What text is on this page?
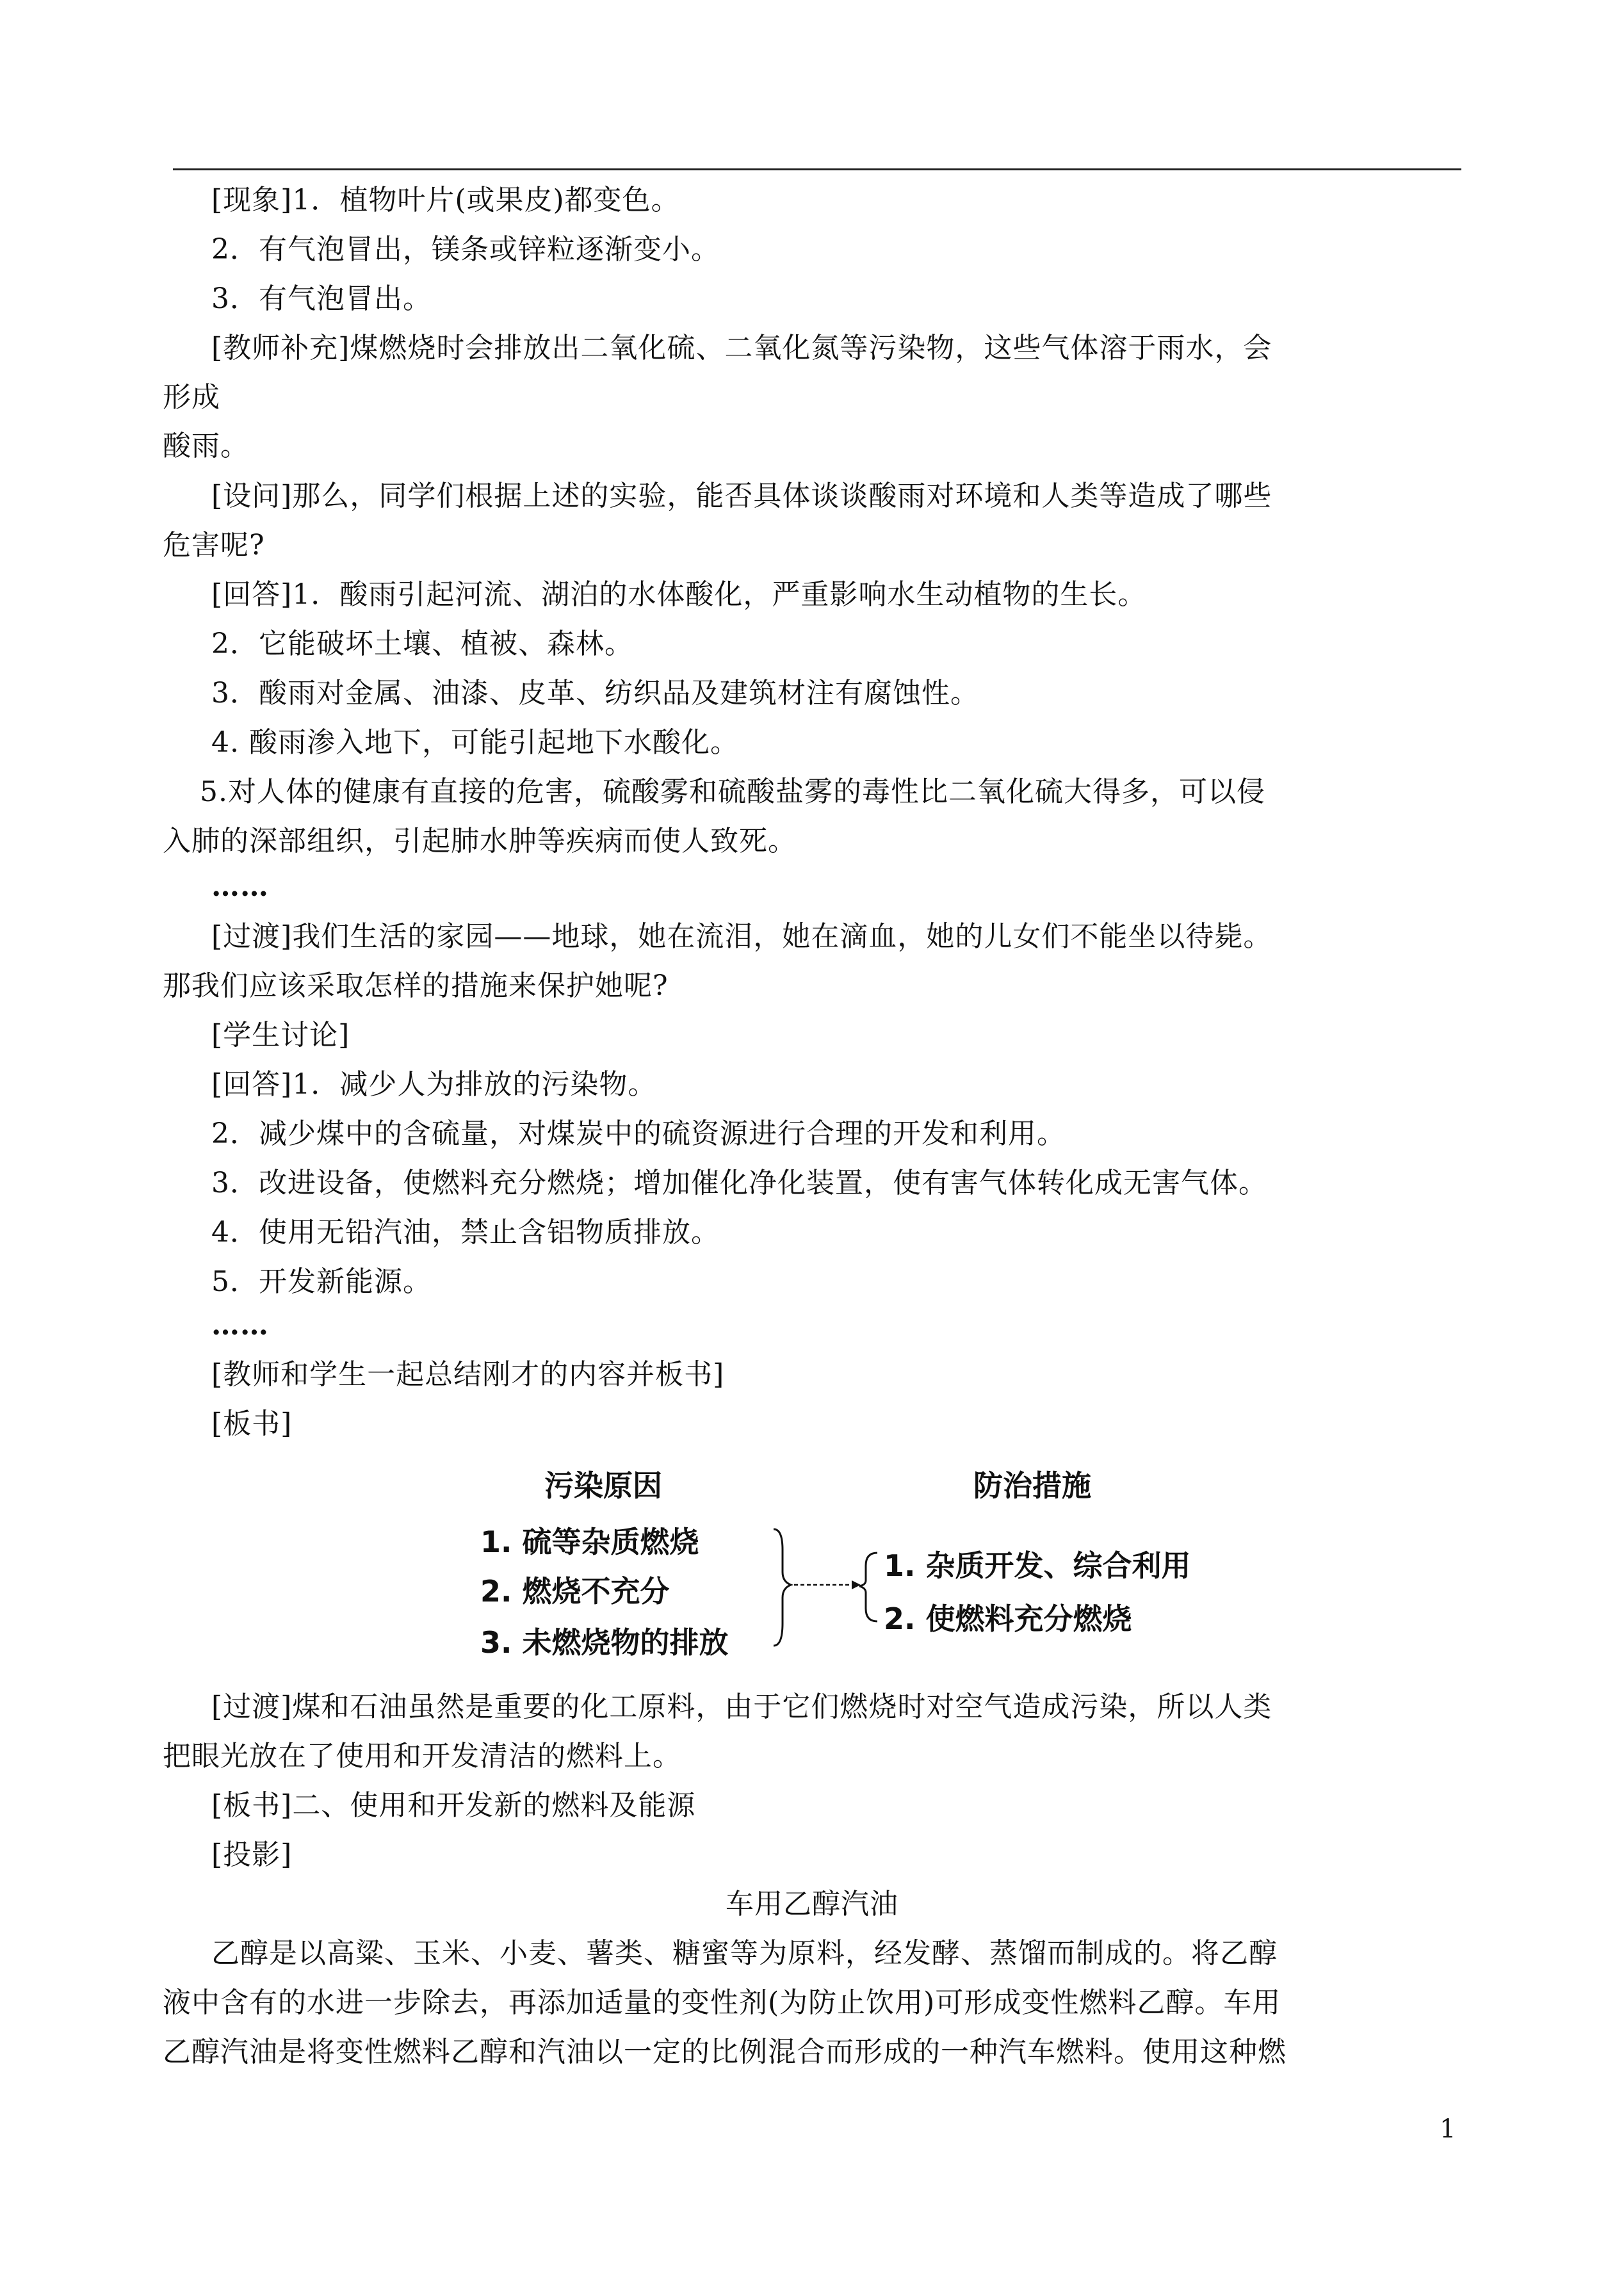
[现象]1．植物叶片(或果皮)都变色。
2．有气泡冒出，镁条或锌粒逐渐变小。
3．有气泡冒出。
[教师补充]煤燃烧时会排放出二氧化硫、二氧化氮等污染物，这些气体溶于雨水，会
形成
酸雨。
[设问]那么，同学们根据上述的实验，能否具体谈谈酸雨对环境和人类等造成了哪些
危害呢?
[回答]1．酸雨引起河流、湖泊的水体酸化，严重影响水生动植物的生长。
2．它能破坏土壤、植被、森林。
3．酸雨对金属、油漆、皮革、纺织品及建筑材注有腐蚀性。
4. 酸雨渗入地下，可能引起地下水酸化。
5.对人体的健康有直接的危害，硫酸雾和硫酸盐雾的毒性比二氧化硫大得多，可以侵
入肺的深部组织，引起肺水肿等疾病而使人致死。
……
[过渡]我们生活的家园——地球，她在流泪，她在滴血，她的儿女们不能坐以待毙。
那我们应该采取怎样的措施来保护她呢?
[学生讨论]
[回答]1．减少人为排放的污染物。
2．减少煤中的含硫量，对煤炭中的硫资源进行合理的开发和利用。
3．改进设备，使燃料充分燃烧；增加催化净化装置，使有害气体转化成无害气体。
4．使用无铅汽油，禁止含铝物质排放。
5．开发新能源。
……
[教师和学生一起总结刚才的内容并板书]
[板书]
污染原因	防治措施
1. 硫等杂质燃烧
2. 燃烧不充分
3. 未燃烧物的排放
1. 杂质开发、综合利用
2. 使燃料充分燃烧
[过渡]煤和石油虽然是重要的化工原料，由于它们燃烧时对空气造成污染，所以人类
把眼光放在了使用和开发清洁的燃料上。
[板书]二、使用和开发新的燃料及能源
[投影]
车用乙醇汽油
乙醇是以高粱、玉米、小麦、薯类、糖蜜等为原料，经发酵、蒸馏而制成的。将乙醇
液中含有的水进一步除去，再添加适量的变性剂(为防止饮用)可形成变性燃料乙醇。车用
乙醇汽油是将变性燃料乙醇和汽油以一定的比例混合而形成的一种汽车燃料。使用这种燃
1
